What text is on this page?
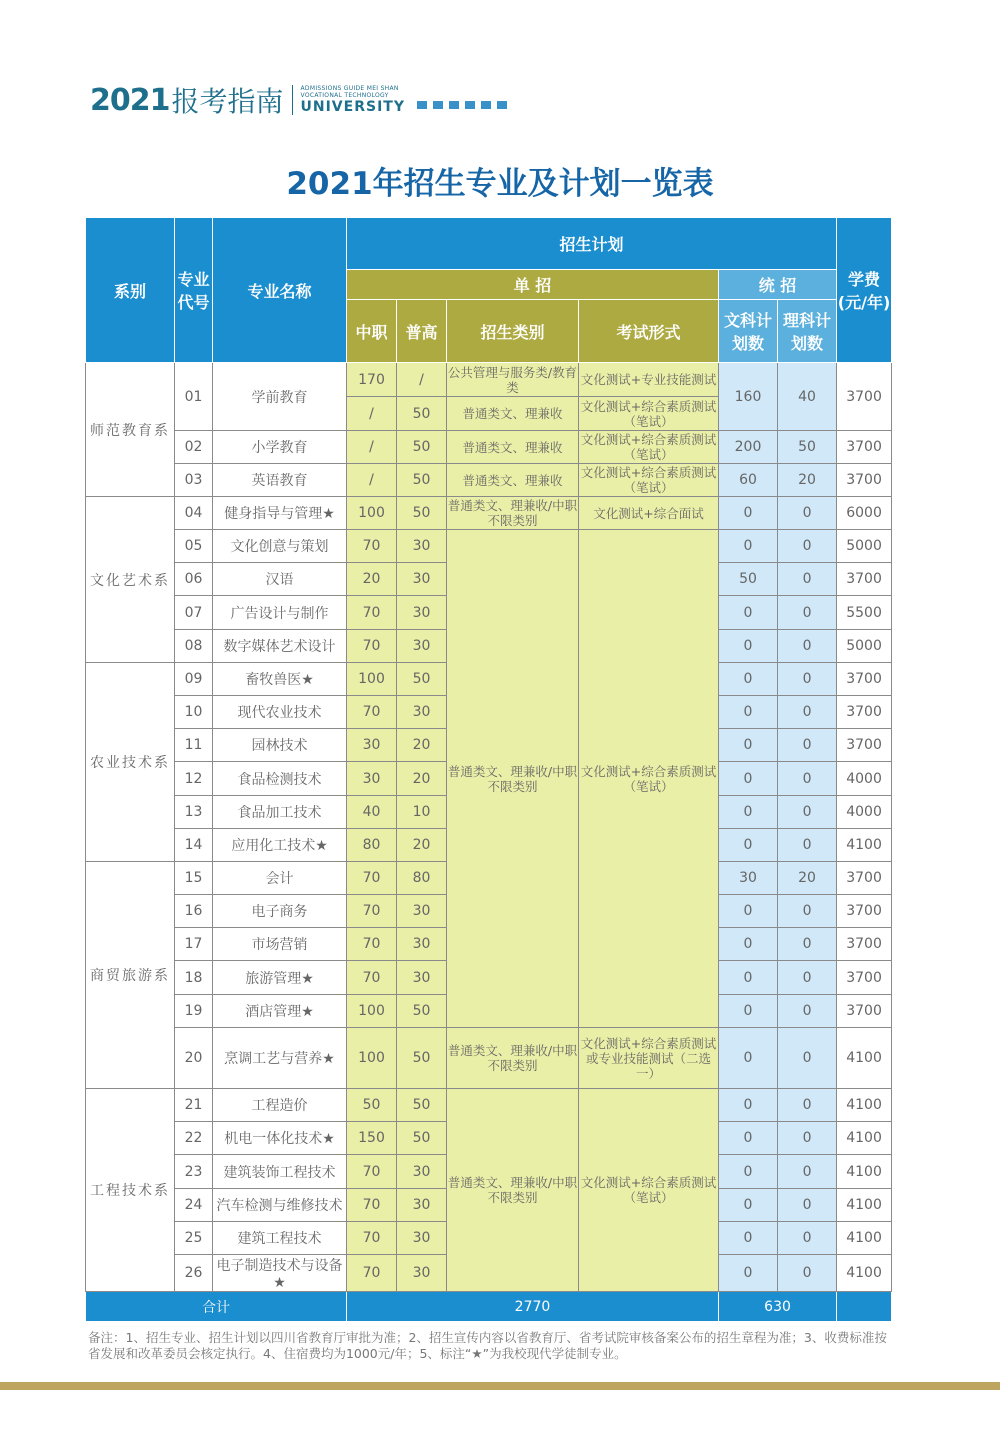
2021 报考指南	ADMISSIONS GUIDE MEI SHAN
VOCATIONAL TECHNOLOGY
UNIVERSITY
2021年招生专业及计划一览表
系别	专业代号	专业名称	招生计划						学费(元/年)
			单 招				统 招		
			中职	普高	招生类别	考试形式	文科计划数	理科计划数	
师范教育系	01	学前教育	170	/	公共管理与服务类/教育类	文化测试+专业技能测试	160	40	3700
			/	50	普通类文、理兼收	文化测试+综合素质测试（笔试）			
	02	小学教育	/	50	普通类文、理兼收	文化测试+综合素质测试（笔试）	200	50	3700
	03	英语教育	/	50	普通类文、理兼收	文化测试+综合素质测试（笔试）	60	20	3700
文化艺术系	04	健身指导与管理★	100	50	普通类文、理兼收/中职不限类别	文化测试+综合面试	0	0	6000
	05	文化创意与策划	70	30	普通类文、理兼收/中职不限类别	文化测试+综合素质测试（笔试）	0	0	5000
	06	汉语	20	30			50	0	3700
	07	广告设计与制作	70	30			0	0	5500
	08	数字媒体艺术设计	70	30			0	0	5000
农业技术系	09	畜牧兽医★	100	50			0	0	3700
	10	现代农业技术	70	30			0	0	3700
	11	园林技术	30	20			0	0	3700
	12	食品检测技术	30	20			0	0	4000
	13	食品加工技术	40	10			0	0	4000
	14	应用化工技术★	80	20			0	0	4100
商贸旅游系	15	会计	70	80			30	20	3700
	16	电子商务	70	30			0	0	3700
	17	市场营销	70	30			0	0	3700
	18	旅游管理★	70	30			0	0	3700
	19	酒店管理★	100	50			0	0	3700
	20	烹调工艺与营养★	100	50	普通类文、理兼收/中职不限类别	文化测试+综合素质测试或专业技能测试（二选一）	0	0	4100
工程技术系	21	工程造价	50	50	普通类文、理兼收/中职不限类别	文化测试+综合素质测试（笔试）	0	0	4100
	22	机电一体化技术★	150	50			0	0	4100
	23	建筑装饰工程技术	70	30			0	0	4100
	24	汽车检测与维修技术	70	30			0	0	4100
	25	建筑工程技术	70	30			0	0	4100
	26	电子制造技术与设备★	70	30			0	0	4100
合计			2770				630		
备注：1、招生专业、招生计划以四川省教育厅审批为准；2、招生宣传内容以省教育厅、省考试院审核备案公布的招生章程为准；3、收费标准按省发展和改革委员会核定执行。4、住宿费均为1000元/年；5、标注“★”为我校现代学徒制专业。
